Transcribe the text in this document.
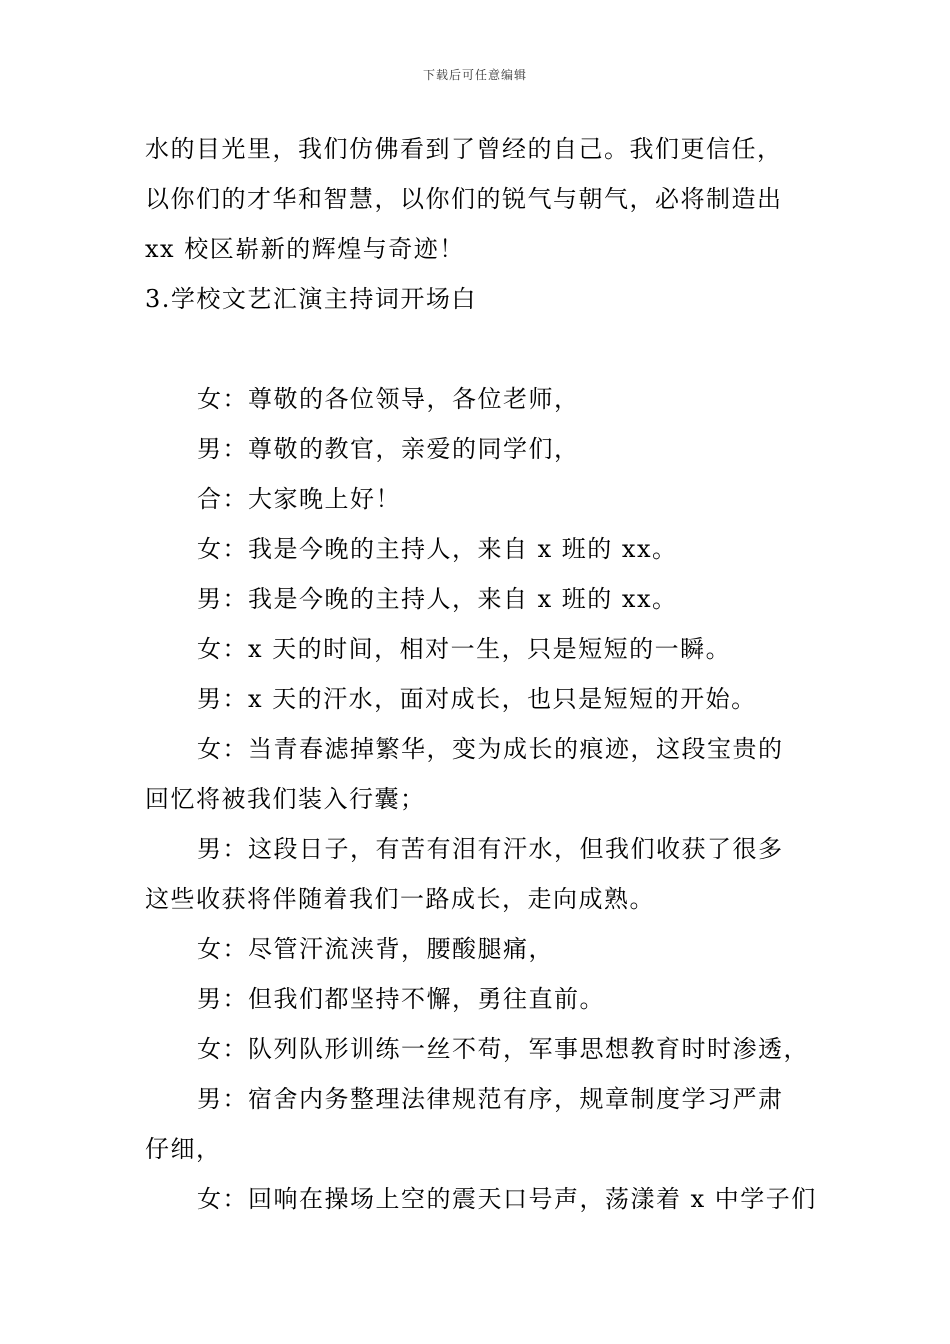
下载后可任意编辑
水的目光里，我们仿佛看到了曾经的自己。我们更信任，
以你们的才华和智慧，以你们的锐气与朝气，必将制造出
xx 校区崭新的辉煌与奇迹！
3.学校文艺汇演主持词开场白
女：尊敬的各位领导，各位老师，
男：尊敬的教官，亲爱的同学们，
合：大家晚上好！
女：我是今晚的主持人，来自 x 班的 xx。
男：我是今晚的主持人，来自 x 班的 xx。
女：x 天的时间，相对一生，只是短短的一瞬。
男：x 天的汗水，面对成长，也只是短短的开始。
女：当青春滤掉繁华，变为成长的痕迹，这段宝贵的
回忆将被我们装入行囊；
男：这段日子，有苦有泪有汗水，但我们收获了很多
这些收获将伴随着我们一路成长，走向成熟。
女：尽管汗流浃背，腰酸腿痛，
男：但我们都坚持不懈，勇往直前。
女：队列队形训练一丝不苟，军事思想教育时时渗透，
男：宿舍内务整理法律规范有序，规章制度学习严肃
仔细，
女：回响在操场上空的震天口号声，荡漾着 x 中学子们
